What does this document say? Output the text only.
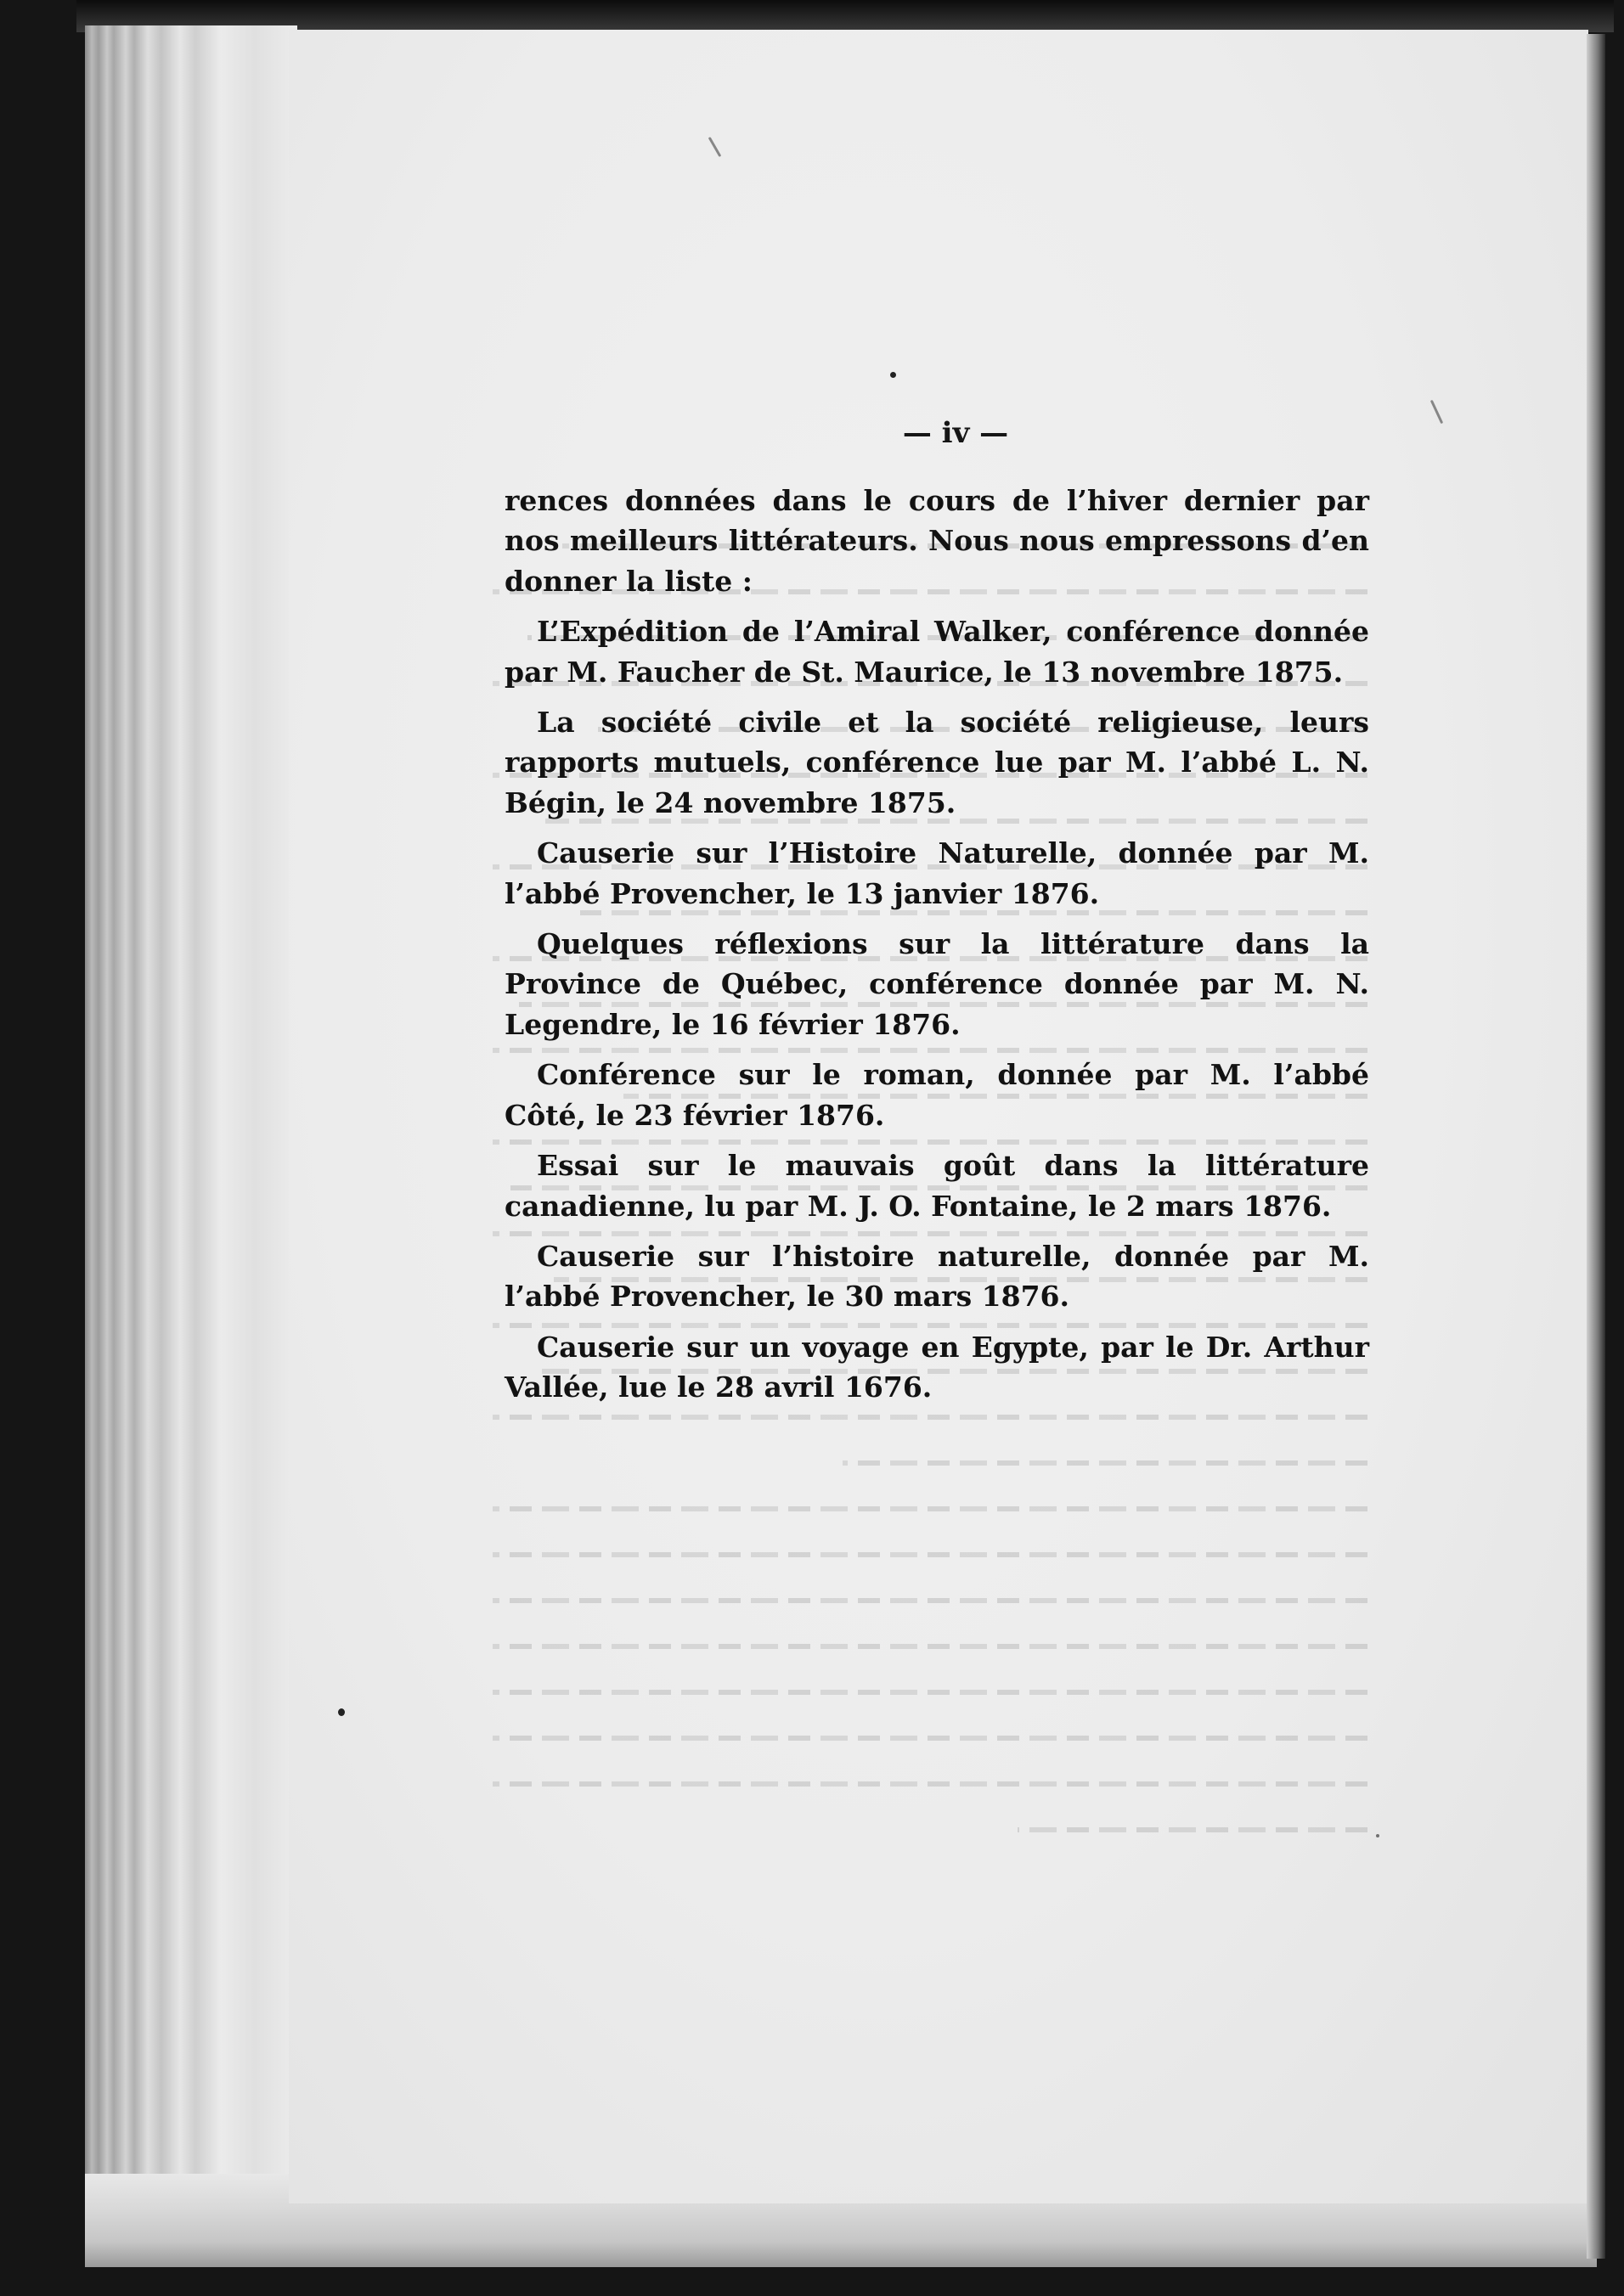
— iv —

rences données dans le cours de l’hiver dernier par nos meilleurs littérateurs. Nous nous empressons d’en donner la liste :

L’Expédition de l’Amiral Walker, conférence donnée par M. Faucher de St. Maurice, le 13 novembre 1875.

La société civile et la société religieuse, leurs rapports mutuels, conférence lue par M. l’abbé L. N. Bégin, le 24 novembre 1875.

Causerie sur l’Histoire Naturelle, donnée par M. l’abbé Provencher, le 13 janvier 1876.

Quelques réflexions sur la littérature dans la Province de Québec, conférence donnée par M. N. Legendre, le 16 février 1876.

Conférence sur le roman, donnée par M. l’abbé Côté, le 23 février 1876.

Essai sur le mauvais goût dans la littérature canadienne, lu par M. J. O. Fontaine, le 2 mars 1876.

Causerie sur l’histoire naturelle, donnée par M. l’abbé Provencher, le 30 mars 1876.

Causerie sur un voyage en Egypte, par le Dr. Arthur Vallée, lue le 28 avril 1676.
